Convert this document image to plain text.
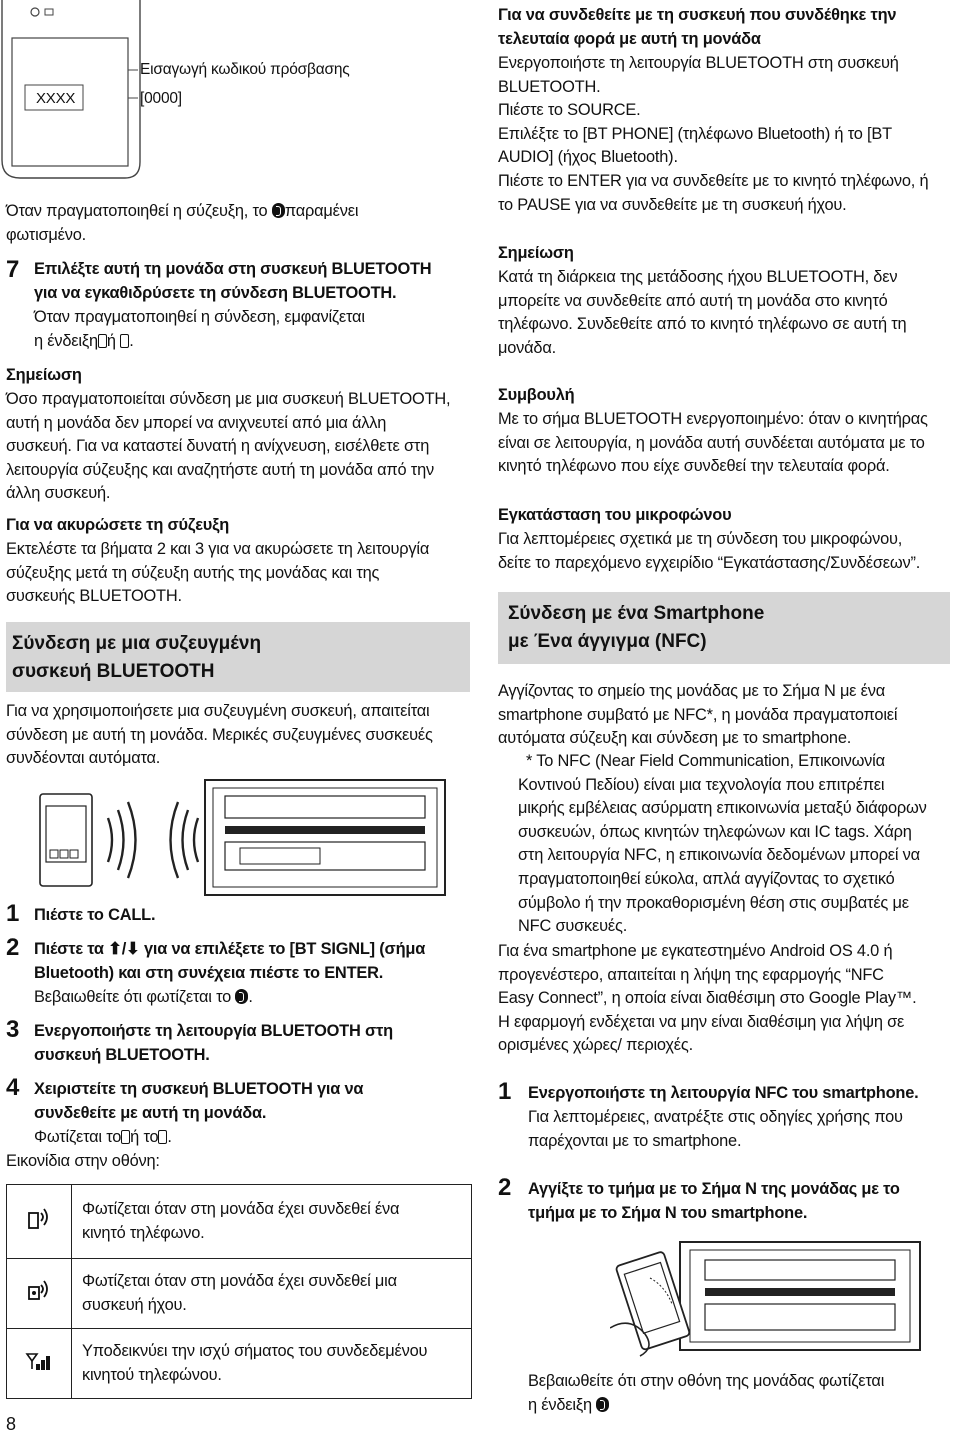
XXXX
Εισαγωγή κωδικού πρόσβασης
[0000]
Όταν πραγματοποιηθεί η σύζευξη, το παραμένει
φωτισμένο.
7 Επιλέξτε αυτή τη μονάδα στη συσκευή BLUETOOTH
για να εγκαθιδρύσετε τη σύνδεση BLUETOOTH.
Όταν πραγματοποιηθεί η σύνδεση, εμφανίζεται
η ένδειξη ή .
Σημείωση
Όσο πραγματοποιείται σύνδεση με μια συσκευή BLUETOOTH,
αυτή η μονάδα δεν μπορεί να ανιχνευτεί από μια άλλη
συσκευή. Για να καταστεί δυνατή η ανίχνευση, εισέλθετε στη
λειτουργία σύζευξης και αναζητήστε αυτή τη μονάδα από την
άλλη συσκευή.
Για να ακυρώσετε τη σύζευξη
Εκτελέστε τα βήματα 2 και 3 για να ακυρώσετε τη λειτουργία
σύζευξης μετά τη σύζευξη αυτής της μονάδας και της
συσκευής BLUETOOTH.
Σύνδεση με μια συζευγμένη
συσκευή BLUETOOTH
Για να χρησιμοποιήσετε μια συζευγμένη συσκευή, απαιτείται
σύνδεση με αυτή τη μονάδα. Μερικές συζευγμένες συσκευές
συνδέονται αυτόματα.
1 Πιέστε το CALL.
2 Πιέστε τα ⬆/⬇ για να επιλέξετε το [BT SIGNL] (σήμα
Bluetooth) και στη συνέχεια πιέστε το ENTER.
Βεβαιωθείτε ότι φωτίζεται το .
3 Ενεργοποιήστε τη λειτουργία BLUETOOTH στη
συσκευή BLUETOOTH.
4 Χειριστείτε τη συσκευή BLUETOOTH για να
συνδεθείτε με αυτή τη μονάδα.
Φωτίζεται το ή το .
Εικονίδια στην οθόνη:

Φωτίζεται όταν στη μονάδα έχει συνδεθεί ένα
κινητό τηλέφωνο.

Φωτίζεται όταν στη μονάδα έχει συνδεθεί μια
συσκευή ήχου.

Υποδεικνύει την ισχύ σήματος του συνδεδεμένου
κινητού τηλεφώνου.
8
Για να συνδεθείτε με τη συσκευή που συνδέθηκε την
τελευταία φορά με αυτή τη μονάδα
Ενεργοποιήστε τη λειτουργία BLUETOOTH στη συσκευή
BLUETOOTH.
Πιέστε το SOURCE.
Επιλέξτε το [BT PHONE] (τηλέφωνο Bluetooth) ή το [BT
AUDIO] (ήχος Bluetooth).
Πιέστε το ENTER για να συνδεθείτε με το κινητό τηλέφωνο, ή
το PAUSE για να συνδεθείτε με τη συσκευή ήχου.
Σημείωση
Κατά τη διάρκεια της μετάδοσης ήχου BLUETOOTH, δεν
μπορείτε να συνδεθείτε από αυτή τη μονάδα στο κινητό
τηλέφωνο. Συνδεθείτε από το κινητό τηλέφωνο σε αυτή τη
μονάδα.
Συμβουλή
Με το σήμα BLUETOOTH ενεργοποιημένο: όταν ο κινητήρας
είναι σε λειτουργία, η μονάδα αυτή συνδέεται αυτόματα με το
κινητό τηλέφωνο που είχε συνδεθεί την τελευταία φορά.
Εγκατάσταση του μικροφώνου
Για λεπτομέρειες σχετικά με τη σύνδεση του μικροφώνου,
δείτε το παρεχόμενο εγχειρίδιο “Εγκατάστασης/Συνδέσεων”.
Σύνδεση με ένα Smartphone
με Ένα άγγιγμα (NFC)
Αγγίζοντας το σημείο της μονάδας με το Σήμα N με ένα
smartphone συμβατό με NFC*, η μονάδα πραγματοποιεί
αυτόματα σύζευξη και σύνδεση με το smartphone.
* Το NFC (Near Field Communication, Επικοινωνία
Κοντινού Πεδίου) είναι μια τεχνολογία που επιτρέπει
μικρής εμβέλειας ασύρματη επικοινωνία μεταξύ διάφορων
συσκευών, όπως κινητών τηλεφώνων και IC tags. Χάρη
στη λειτουργία NFC, η επικοινωνία δεδομένων μπορεί να
πραγματοποιηθεί εύκολα, απλά αγγίζοντας το σχετικό
σύμβολο ή την προκαθορισμένη θέση στις συμβατές με
NFC συσκευές.
Για ένα smartphone με εγκατεστημένο Android OS 4.0 ή
προγενέστερο, απαιτείται η λήψη της εφαρμογής “NFC
Easy Connect”, η οποία είναι διαθέσιμη στο Google Play™.
Η εφαρμογή ενδέχεται να μην είναι διαθέσιμη για λήψη σε
ορισμένες χώρες/ περιοχές.
1 Ενεργοποιήστε τη λειτουργία NFC του smartphone.
Για λεπτομέρειες, ανατρέξτε στις οδηγίες χρήσης που
παρέχονται με το smartphone.
2 Αγγίξτε το τμήμα με το Σήμα N της μονάδας με το
τμήμα με το Σήμα N του smartphone.
Βεβαιωθείτε ότι στην οθόνη της μονάδας φωτίζεται
η ένδειξη
